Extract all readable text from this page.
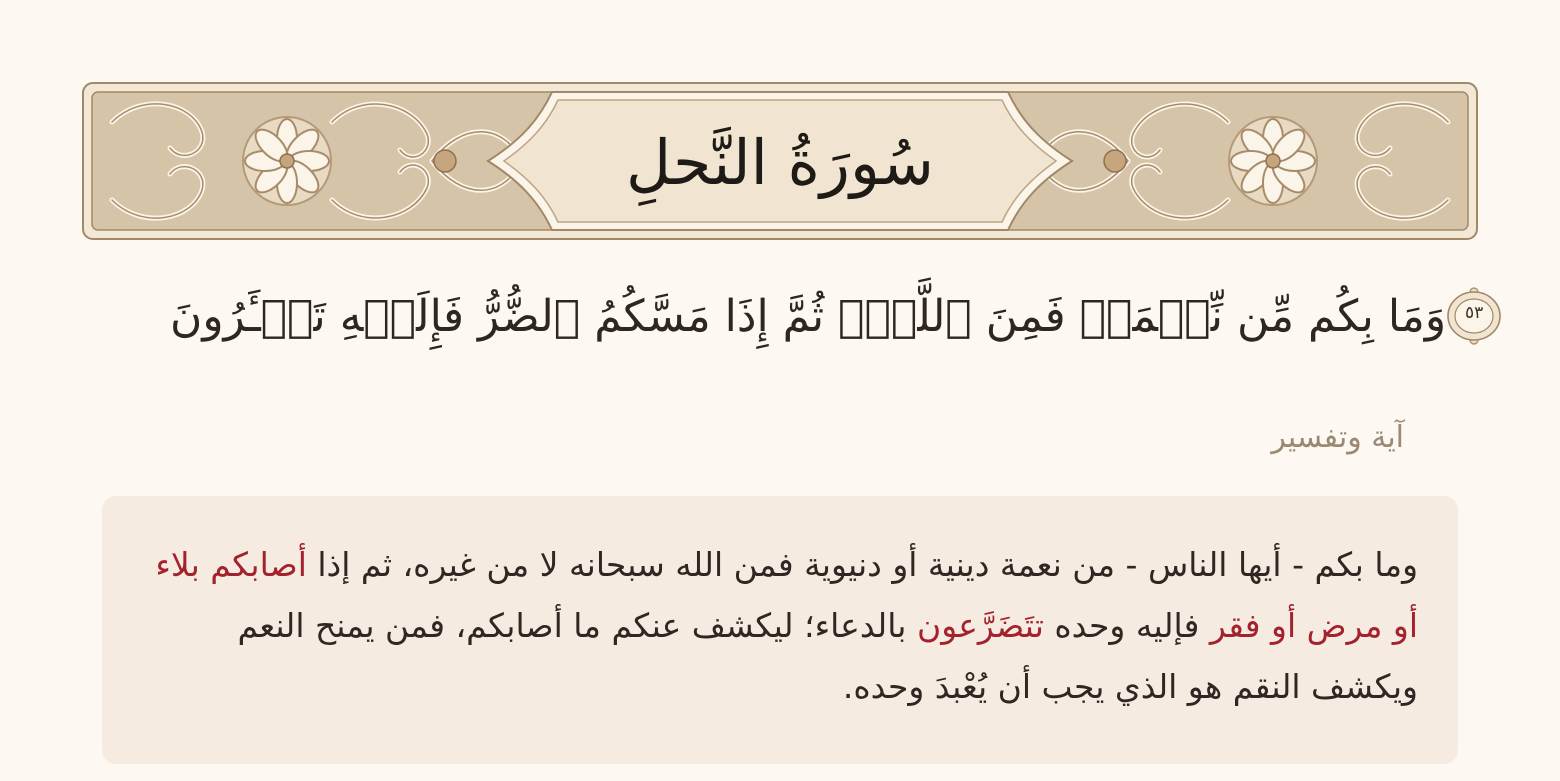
سُورَةُ النَّحلِ
وَمَا بِكُم مِّن نِّعۡمَةٖ فَمِنَ ٱللَّهِۖ ثُمَّ إِذَا مَسَّكُمُ ٱلضُّرُّ فَإِلَيۡهِ تَجۡـَٔرُونَ	٥٣
آية وتفسير
وما بكم - أيها الناس - من نعمة دينية أو دنيوية فمن الله سبحانه لا من غيره، ثم إذا أصابكم بلاء أو مرض أو فقر فإليه وحده تتَضَرَّعون بالدعاء؛ ليكشف عنكم ما أصابكم، فمن يمنح النعم ويكشف النقم هو الذي يجب أن يُعْبدَ وحده.
